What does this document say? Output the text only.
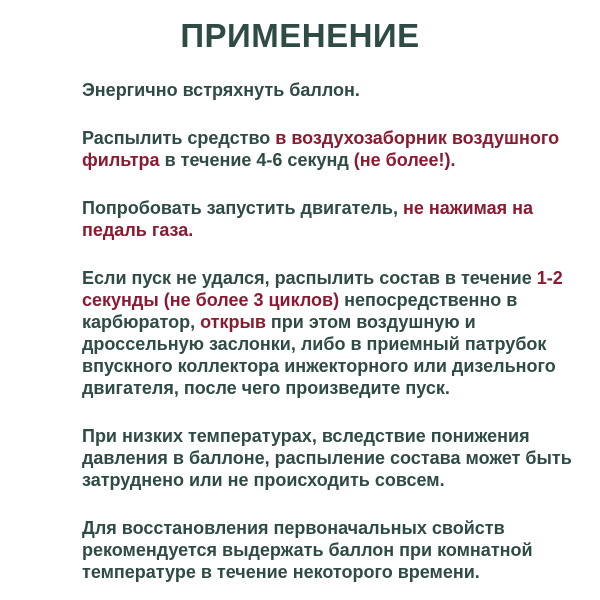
ПРИМЕНЕНИЕ

Энергично встряхнуть баллон.

Распылить средство в воздухозаборник воздушного
фильтра в течение 4-6 секунд (не более!).

Попробовать запустить двигатель, не нажимая на
педаль газа.

Если пуск не удался, распылить состав в течение 1-2
секунды (не более 3 циклов) непосредственно в
карбюратор, открыв при этом воздушную и
дроссельную заслонки, либо в приемный патрубок
впускного коллектора инжекторного или дизельного
двигателя, после чего произведите пуск.

При низких температурах, вследствие понижения
давления в баллоне, распыление состава может быть
затруднено или не происходить совсем.

Для восстановления первоначальных свойств
рекомендуется выдержать баллон при комнатной
температуре в течение некоторого времени.
